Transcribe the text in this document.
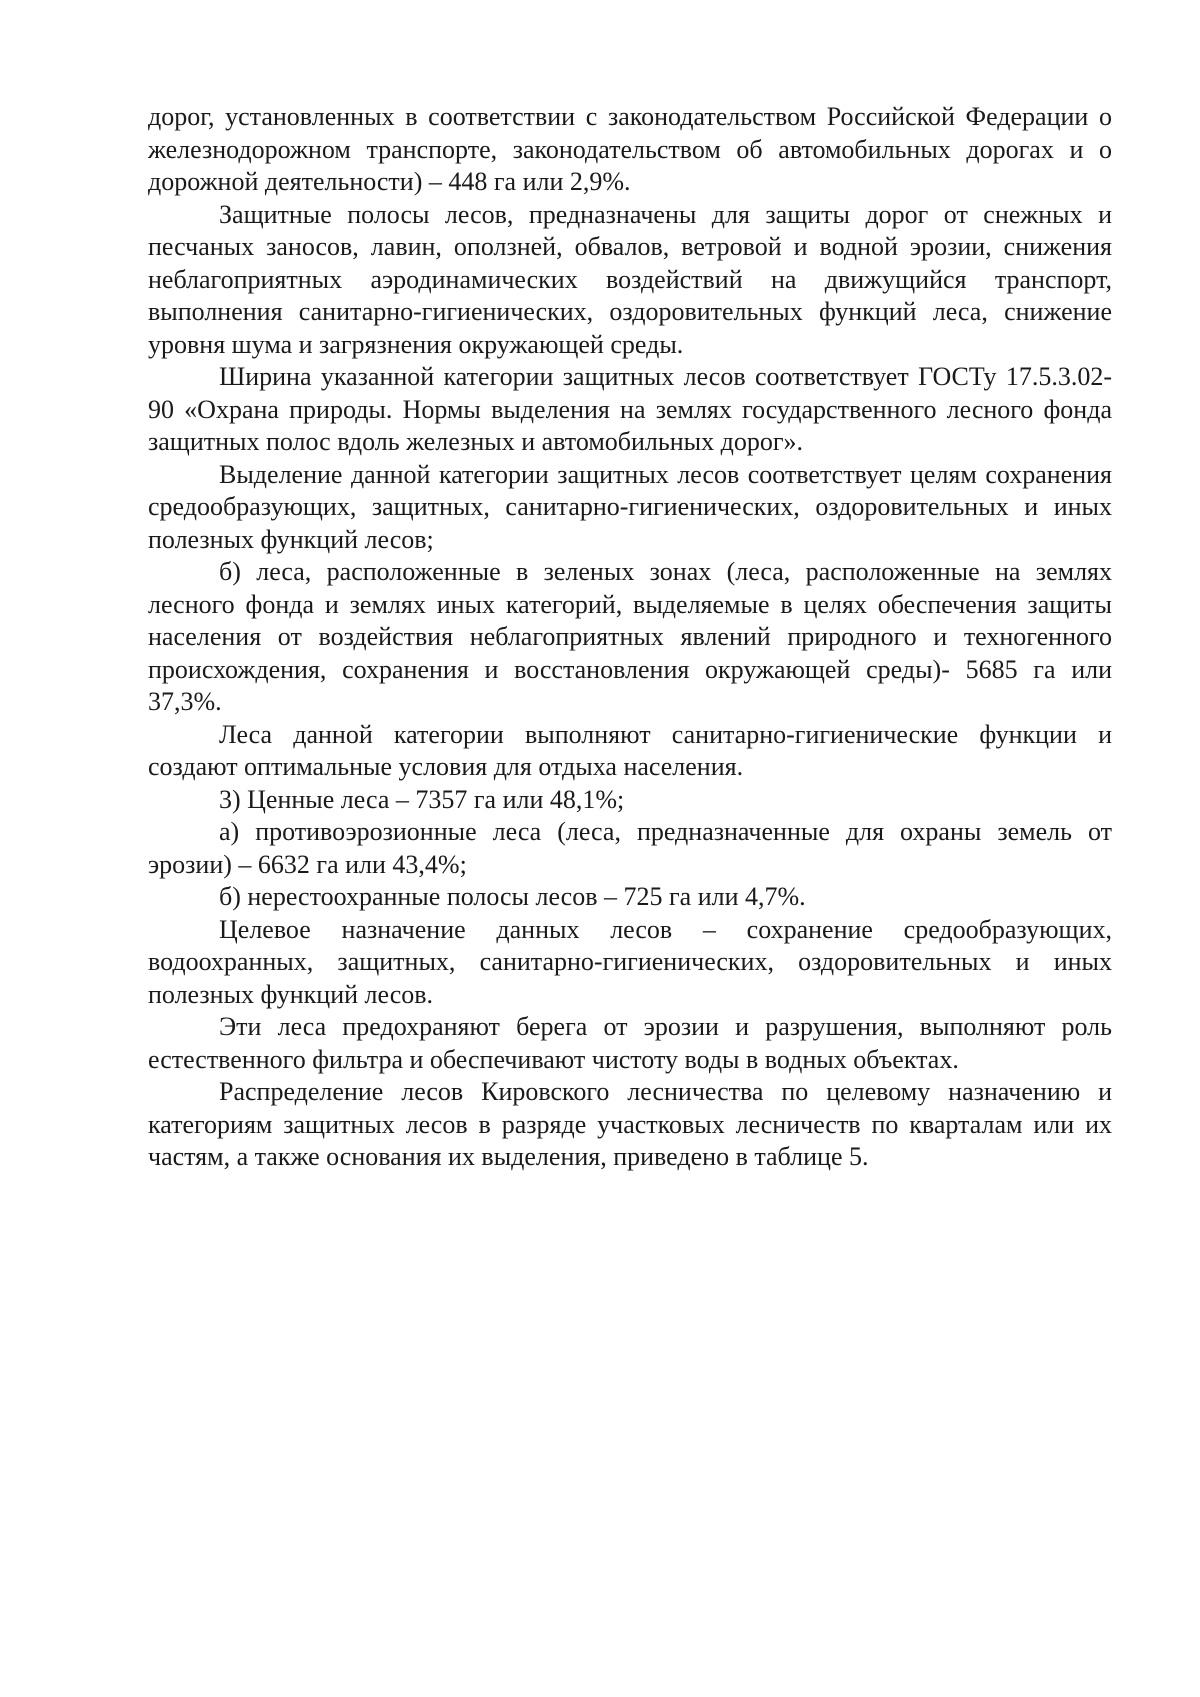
дорог, установленных в соответствии с законодательством Российской Федерации о железнодорожном транспорте, законодательством об автомобильных дорогах и о дорожной деятельности) – 448 га или 2,9%.

Защитные полосы лесов, предназначены для защиты дорог от снежных и песчаных заносов, лавин, оползней, обвалов, ветровой и водной эрозии, снижения неблагоприятных аэродинамических воздействий на движущийся транспорт, выполнения санитарно-гигиенических, оздоровительных функций леса, снижение уровня шума и загрязнения окружающей среды.

Ширина указанной категории защитных лесов соответствует ГОСТу 17.5.3.02-90 «Охрана природы. Нормы выделения на землях государственного лесного фонда защитных полос вдоль железных и автомобильных дорог».

Выделение данной категории защитных лесов соответствует целям сохранения средообразующих, защитных, санитарно-гигиенических, оздоровительных и иных полезных функций лесов;

б) леса, расположенные в зеленых зонах (леса, расположенные на землях лесного фонда и землях иных категорий, выделяемые в целях обеспечения защиты населения от воздействия неблагоприятных явлений природного и техногенного происхождения, сохранения и восстановления окружающей среды)- 5685 га или 37,3%.

Леса данной категории выполняют санитарно-гигиенические функции и создают оптимальные условия для отдыха населения.

3) Ценные леса – 7357 га или 48,1%;

а) противоэрозионные леса (леса, предназначенные для охраны земель от эрозии) – 6632 га или 43,4%;

б) нерестоохранные полосы лесов – 725 га или 4,7%.

Целевое назначение данных лесов – сохранение средообразующих, водоохранных, защитных, санитарно-гигиенических, оздоровительных и иных полезных функций лесов.

Эти леса предохраняют берега от эрозии и разрушения, выполняют роль естественного фильтра и обеспечивают чистоту воды в водных объектах.

Распределение лесов Кировского лесничества по целевому назначению и категориям защитных лесов в разряде участковых лесничеств по кварталам или их частям, а также основания их выделения, приведено в таблице 5.
